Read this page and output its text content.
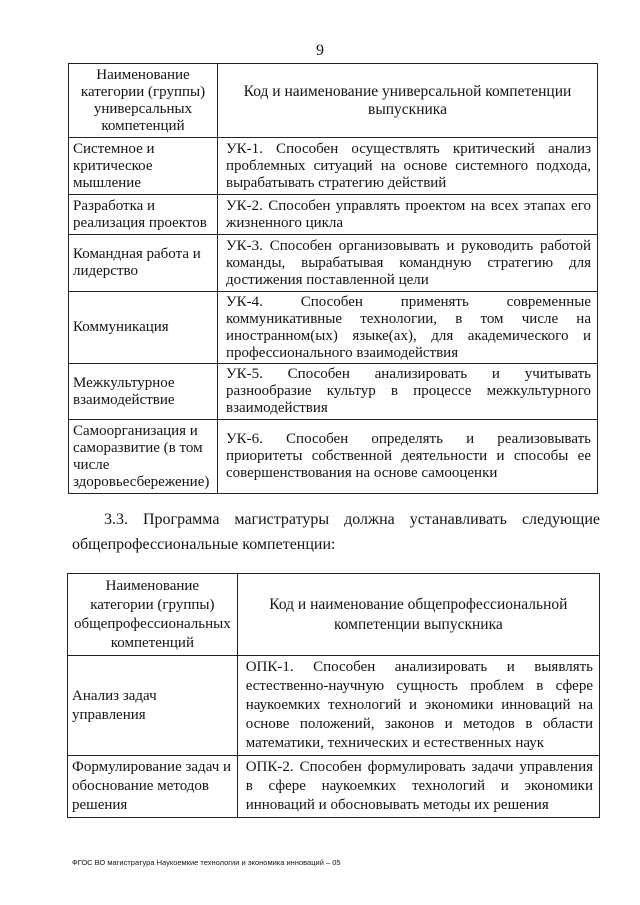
9
Наименование категории (группы) универсальных компетенций	Код и наименование универсальной компетенции выпускника
Системное и критическое мышление	УК-1. Способен осуществлять критический анализ проблемных ситуаций на основе системного подхода, вырабатывать стратегию действий
Разработка и реализация проектов	УК-2. Способен управлять проектом на всех этапах его жизненного цикла
Командная работа и лидерство	УК-3. Способен организовывать и руководить работой команды, вырабатывая командную стратегию для достижения поставленной цели
Коммуникация	УК-4. Способен применять современные коммуникативные технологии, в том числе на иностранном(ых) языке(ах), для академического и профессионального взаимодействия
Межкультурное взаимодействие	УК-5. Способен анализировать и учитывать разнообразие культур в процессе межкультурного взаимодействия
Самоорганизация и саморазвитие (в том числе здоровьесбережение)	УК-6. Способен определять и реализовывать приоритеты собственной деятельности и способы ее совершенствования на основе самооценки
3.3. Программа магистратуры должна устанавливать следующие
общепрофессиональные компетенции:
Наименование категории (группы) общепрофессиональных компетенций	Код и наименование общепрофессиональной компетенции выпускника
Анализ задач управления	ОПК-1. Способен анализировать и выявлять естественно-научную сущность проблем в сфере наукоемких технологий и экономики инноваций на основе положений, законов и методов в области математики, технических и естественных наук
Формулирование задач и обоснование методов решения	ОПК-2. Способен формулировать задачи управления в сфере наукоемких технологий и экономики инноваций и обосновывать методы их решения
ФГОС ВО магистратура Наукоемкие технологии и экономика инноваций – 05
